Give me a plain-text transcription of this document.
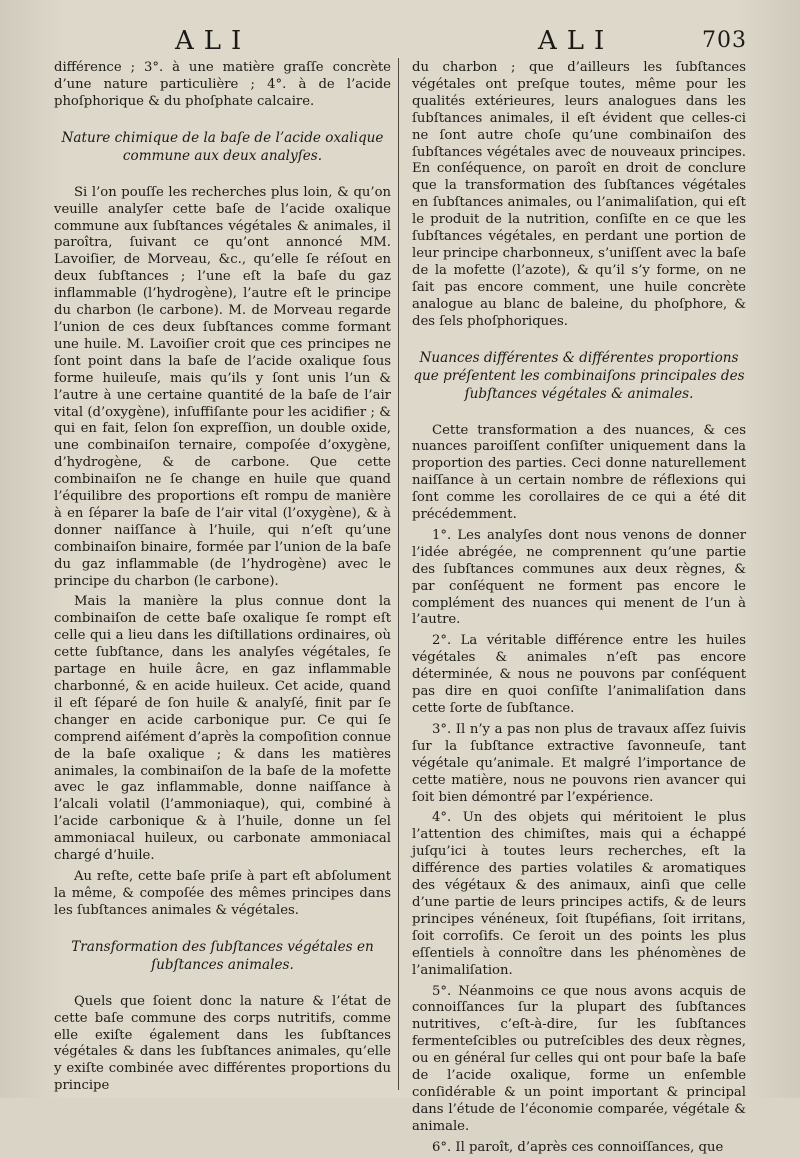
ALI	ALI	703

différence ; 3°. à une matière graſſe concrète d’une nature particulière ; 4°. à de l’acide phoſphorique & du phoſphate calcaire.

Nature chimique de la baſe de l’acide oxalique commune aux deux analyſes.

Si l’on pouſſe les recherches plus loin, & qu’on veuille analyſer cette baſe de l’acide oxalique commune aux ſubſtances végétales & animales, il paroîtra, ſuivant ce qu’ont annoncé MM. Lavoiſier, de Morveau, &c., qu’elle ſe réſout en deux ſubſtances ; l’une eſt la baſe du gaz inflammable (l’hydrogène), l’autre eſt le principe du charbon (le carbone). M. de Morveau regarde l’union de ces deux ſubſtances comme formant une huile. M. Lavoiſier croit que ces principes ne ſont point dans la baſe de l’acide oxalique ſous forme huileuſe, mais qu’ils y ſont unis l’un & l’autre à une certaine quantité de la baſe de l’air vital (d’oxygène), inſuffiſante pour les acidifier ; & qui en fait, ſelon ſon expreſſion, un double oxide, une combinaiſon ternaire, compoſée d’oxygène, d’hydrogène, & de carbone. Que cette combinaiſon ne ſe change en huile que quand l’équilibre des proportions eſt rompu de manière à en ſéparer la baſe de l’air vital (l’oxygène), & à donner naiſſance à l’huile, qui n’eſt qu’une combinaiſon binaire, formée par l’union de la baſe du gaz inflammable (de l’hydrogène) avec le principe du charbon (le carbone).

Mais la manière la plus connue dont la combinaiſon de cette baſe oxalique ſe rompt eſt celle qui a lieu dans les diſtillations ordinaires, où cette ſubſtance, dans les analyſes végétales, ſe partage en huile âcre, en gaz inflammable charbonné, & en acide huileux. Cet acide, quand il eſt ſéparé de ſon huile & analyſé, finit par ſe changer en acide carbonique pur. Ce qui ſe comprend aiſément d’après la compoſition connue de la baſe oxalique ; & dans les matières animales, la combinaiſon de la baſe de la mofette avec le gaz inflammable, donne naiſſance à l’alcali volatil (l’ammoniaque), qui, combiné à l’acide carbonique & à l’huile, donne un ſel ammoniacal huileux, ou carbonate ammoniacal chargé d’huile.

Au reſte, cette baſe priſe à part eſt abſolument la même, & compoſée des mêmes principes dans les ſubſtances animales & végétales.

Transformation des ſubſtances végétales en ſubſtances animales.

Quels que ſoient donc la nature & l’état de cette baſe commune des corps nutritifs, comme elle exiſte également dans les ſubſtances végétales & dans les ſubſtances animales, qu’elle y exiſte combinée avec différentes proportions du principe

du charbon ; que d’ailleurs les ſubſtances végétales ont preſque toutes, même pour les qualités extérieures, leurs analogues dans les ſubſtances animales, il eſt évident que celles-ci ne ſont autre choſe qu’une combinaiſon des ſubſtances végétales avec de nouveaux principes. En conſéquence, on paroît en droit de conclure que la transformation des ſubſtances végétales en ſubſtances animales, ou l’animaliſation, qui eſt le produit de la nutrition, conſiſte en ce que les ſubſtances végétales, en perdant une portion de leur principe charbonneux, s’uniſſent avec la baſe de la mofette (l’azote), & qu’il s’y forme, on ne ſait pas encore comment, une huile concrète analogue au blanc de baleine, du phoſphore, & des ſels phoſphoriques.

Nuances différentes & différentes proportions que préſentent les combinaiſons principales des ſubſtances végétales & animales.

Cette transformation a des nuances, & ces nuances paroiſſent conſiſter uniquement dans la proportion des parties. Ceci donne naturellement naiſſance à un certain nombre de réflexions qui ſont comme les corollaires de ce qui a été dit précédemment.

1°. Les analyſes dont nous venons de donner l’idée abrégée, ne comprennent qu’une partie des ſubſtances communes aux deux règnes, & par conſéquent ne forment pas encore le complément des nuances qui menent de l’un à l’autre.

2°. La véritable différence entre les huiles végétales & animales n’eſt pas encore déterminée, & nous ne pouvons par conſéquent pas dire en quoi conſiſte l’animaliſation dans cette ſorte de ſubſtance.

3°. Il n’y a pas non plus de travaux aſſez ſuivis ſur la ſubſtance extractive ſavonneuſe, tant végétale qu’animale. Et malgré l’importance de cette matière, nous ne pouvons rien avancer qui ſoit bien démontré par l’expérience.

4°. Un des objets qui méritoient le plus l’attention des chimiſtes, mais qui a échappé juſqu’ici à toutes leurs recherches, eſt la différence des parties volatiles & aromatiques des végétaux & des animaux, ainſi que celle d’une partie de leurs principes actifs, & de leurs principes vénéneux, ſoit ſtupéfians, ſoit irritans, ſoit corroſifs. Ce ſeroit un des points les plus eſſentiels à connoître dans les phénomènes de l’animaliſation.

5°. Néanmoins ce que nous avons acquis de connoiſſances ſur la plupart des ſubſtances nutritives, c’eſt-à-dire, ſur les ſubſtances fermenteſcibles ou putreſcibles des deux règnes, ou en général ſur celles qui ont pour baſe la baſe de l’acide oxalique, forme un enſemble conſidérable & un point important & principal dans l’étude de l’économie comparée, végétale & animale.

6°. Il paroît, d’après ces connoiſſances, que
